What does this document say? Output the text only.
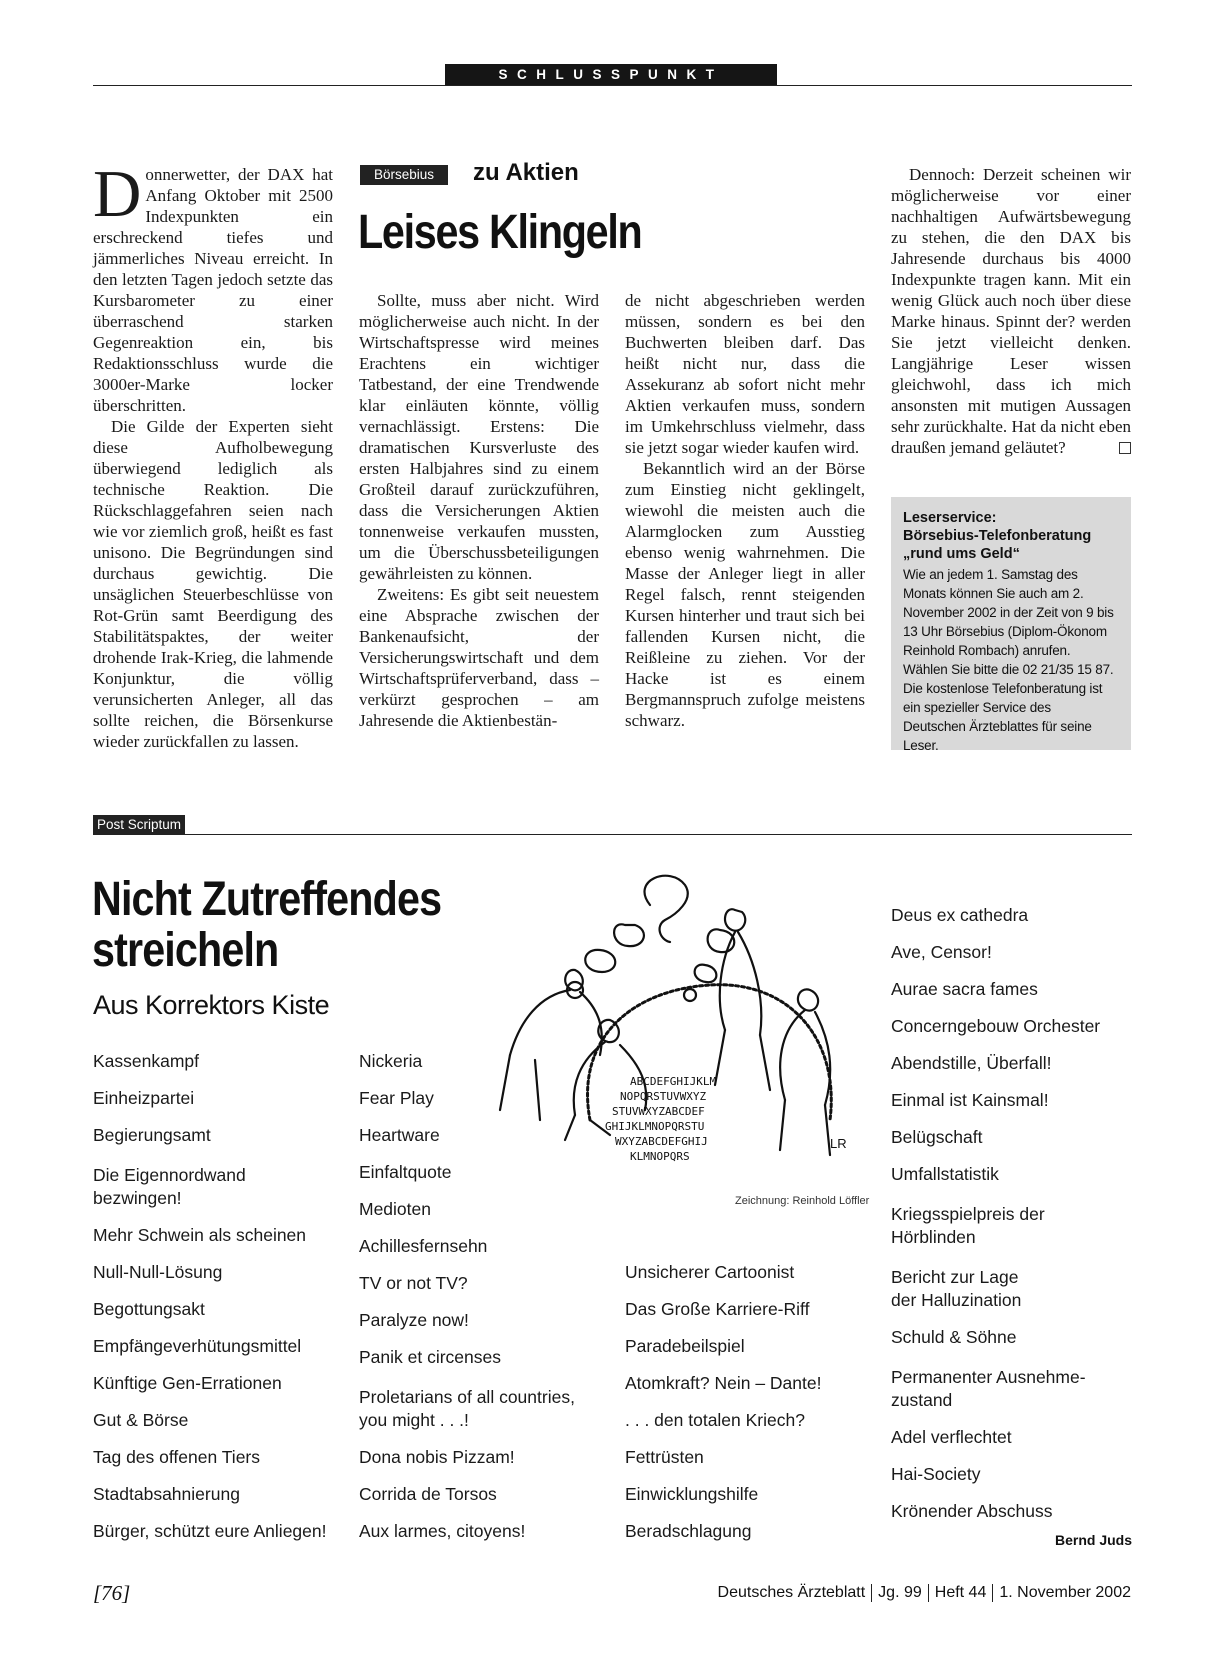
SCHLUSSPUNKT

Donnerwetter, der DAX hat Anfang Oktober mit 2500 Indexpunkten ein erschreckend tiefes und jämmerliches Niveau erreicht. In den letzten Tagen jedoch setzte das Kursbarometer zu einer überraschend starken Gegenreaktion ein, bis Redaktionsschluss wurde die 3000er-Marke locker überschritten.

Die Gilde der Experten sieht diese Aufholbewegung überwiegend lediglich als technische Reaktion. Die Rückschlaggefahren seien nach wie vor ziemlich groß, heißt es fast unisono. Die Begründungen sind durchaus gewichtig. Die unsäglichen Steuerbeschlüsse von Rot-Grün samt Beerdigung des Stabilitätspaktes, der weiter drohende Irak-Krieg, die lahmende Konjunktur, die völlig verunsicherten Anleger, all das sollte reichen, die Börsenkurse wieder zurückfallen zu lassen.

Börsebius	zu Aktien
Leises Klingeln

Sollte, muss aber nicht. Wird möglicherweise auch nicht. In der Wirtschaftspresse wird meines Erachtens ein wichtiger Tatbestand, der eine Trendwende klar einläuten könnte, völlig vernachlässigt. Erstens: Die dramatischen Kursverluste des ersten Halbjahres sind zu einem Großteil darauf zurückzuführen, dass die Versicherungen Aktien tonnenweise verkaufen mussten, um die Überschussbeteiligungen gewährleisten zu können.

Zweitens: Es gibt seit neuestem eine Absprache zwischen der Bankenaufsicht, der Versicherungswirtschaft und dem Wirtschaftsprüferverband, dass – verkürzt gesprochen – am Jahresende die Aktienbestän-

de nicht abgeschrieben werden müssen, sondern es bei den Buchwerten bleiben darf. Das heißt nicht nur, dass die Assekuranz ab sofort nicht mehr Aktien verkaufen muss, sondern im Umkehrschluss vielmehr, dass sie jetzt sogar wieder kaufen wird.

Bekanntlich wird an der Börse zum Einstieg nicht geklingelt, wiewohl die meisten auch die Alarmglocken zum Ausstieg ebenso wenig wahrnehmen. Die Masse der Anleger liegt in aller Regel falsch, rennt steigenden Kursen hinterher und traut sich bei fallenden Kursen nicht, die Reißleine zu ziehen. Vor der Hacke ist es einem Bergmannspruch zufolge meistens schwarz.

Dennoch: Derzeit scheinen wir möglicherweise vor einer nachhaltigen Aufwärtsbewegung zu stehen, die den DAX bis Jahresende durchaus bis 4000 Indexpunkte tragen kann. Mit ein wenig Glück auch noch über diese Marke hinaus. Spinnt der? werden Sie jetzt vielleicht denken. Langjährige Leser wissen gleichwohl, dass ich mich ansonsten mit mutigen Aussagen sehr zurückhalte. Hat da nicht eben draußen jemand geläutet?

Leserservice:
Börsebius-Telefonberatung
„rund ums Geld“
Wie an jedem 1. Samstag des Monats können Sie auch am 2. November 2002 in der Zeit von 9 bis 13 Uhr Börsebius (Diplom-Ökonom Reinhold Rombach) anrufen. Wählen Sie bitte die 02 21/35 15 87. Die kostenlose Telefonberatung ist ein spezieller Service des Deutschen Ärzteblattes für seine Leser.
Post Scriptum
Nicht Zutreffendes
streicheln
Aus Korrektors Kiste
ABCDEFGHIJKLM
NOPQRSTUVWXYZ
STUVWXYZABCDEF
GHIJKLMNOPQRSTU
WXYZABCDEFGHIJ
KLMNOPQRS
LR
Zeichnung: Reinhold Löffler
Kassenkampf
Einheizpartei
Begierungsamt
Die Eigennordwand
bezwingen!
Mehr Schwein als scheinen
Null-Null-Lösung
Begottungsakt
Empfängeverhütungsmittel
Künftige Gen-Errationen
Gut & Börse
Tag des offenen Tiers
Stadtabsahnierung
Bürger, schützt eure Anliegen!
Nickeria
Fear Play
Heartware
Einfaltquote
Medioten
Achillesfernsehn
TV or not TV?
Paralyze now!
Panik et circenses
Proletarians of all countries,
you might . . .!
Dona nobis Pizzam!
Corrida de Torsos
Aux larmes, citoyens!
Unsicherer Cartoonist
Das Große Karriere-Riff
Paradebeilspiel
Atomkraft? Nein – Dante!
. . . den totalen Kriech?
Fettrüsten
Einwicklungshilfe
Beradschlagung
Deus ex cathedra
Ave, Censor!
Aurae sacra fames
Concerngebouw Orchester
Abendstille, Überfall!
Einmal ist Kainsmal!
Belügschaft
Umfallstatistik
Kriegsspielpreis der
Hörblinden
Bericht zur Lage
der Halluzination
Schuld & Söhne
Permanenter Ausnehme-
zustand
Adel verflechtet
Hai-Society
Krönender Abschuss
Bernd Juds
[76]	Deutsches Ärzteblatt Jg. 99 Heft 44 1. November 2002
